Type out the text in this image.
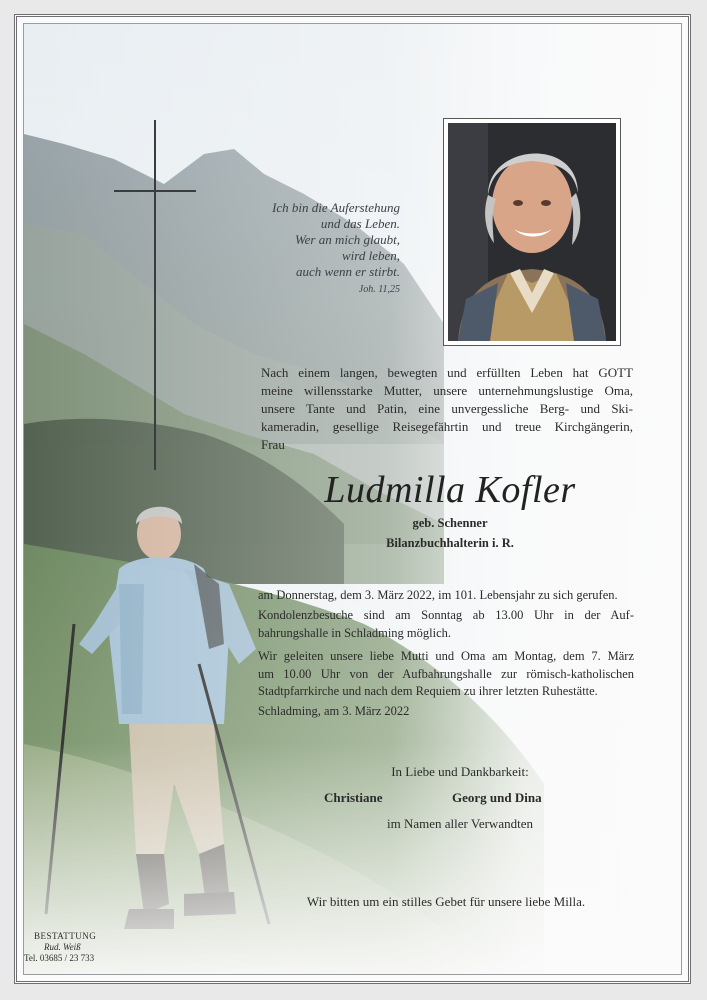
Ich bin die Auferstehung
und das Leben.
Wer an mich glaubt,
wird leben,
auch wenn er stirbt.
Joh. 11,25
Nach einem langen, bewegten und erfüllten Leben hat GOTT
meine willensstarke Mutter, unsere unternehmungslustige Oma,
unsere Tante und Patin, eine unvergessliche Berg- und Ski-
kameradin, gesellige Reisegefährtin und treue Kirchgängerin,
Frau
Ludmilla Kofler
geb. Schenner
Bilanzbuchhalterin i. R.
am Donnerstag, dem 3. März 2022, im 101. Lebensjahr zu sich gerufen.
Kondolenzbesuche sind am Sonntag ab 13.00 Uhr in der Auf-
bahrungshalle in Schladming möglich.
Wir geleiten unsere liebe Mutti und Oma am Montag, dem 7. März
um 10.00 Uhr von der Aufbahrungshalle zur römisch-katholischen
Stadtpfarrkirche und nach dem Requiem zu ihrer letzten Ruhestätte.
Schladming, am 3. März 2022
In Liebe und Dankbarkeit:
Christiane	Georg und Dina
im Namen aller Verwandten
Wir bitten um ein stilles Gebet für unsere liebe Milla.
BESTATTUNG
Rud. Weiß
Tel. 03685 / 23 733
